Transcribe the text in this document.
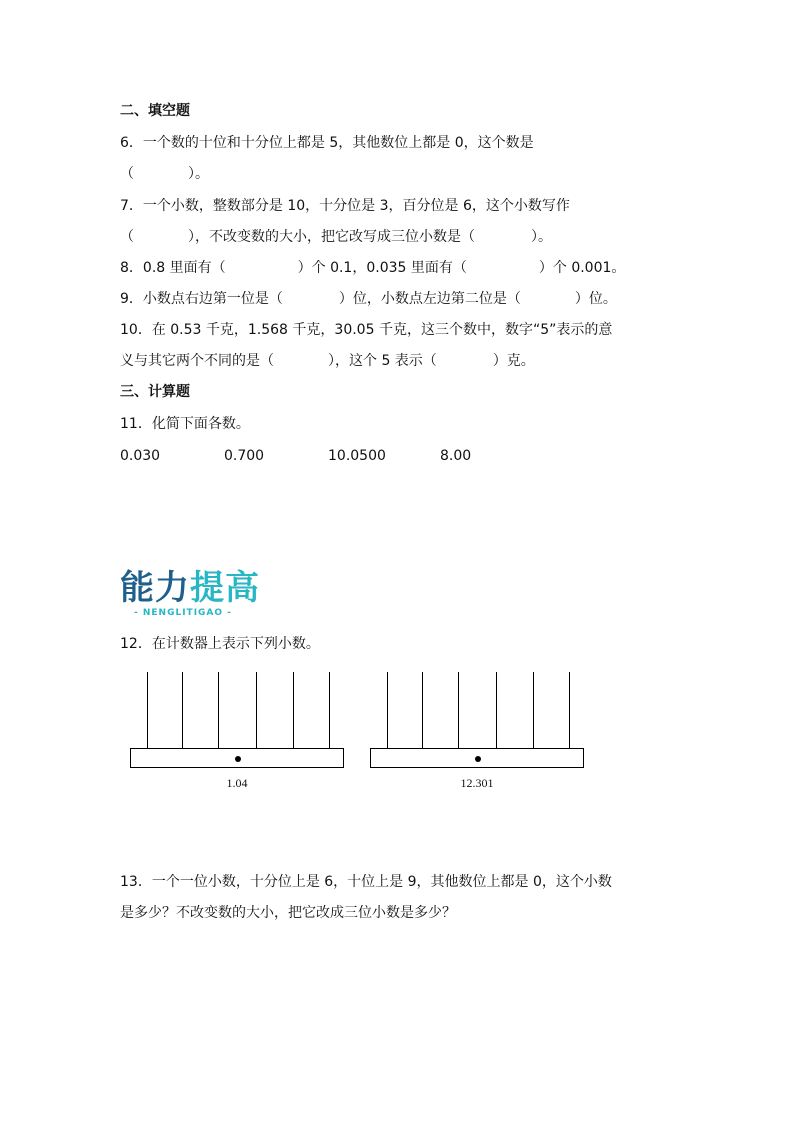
二、填空题
6．一个数的十位和十分位上都是 5，其他数位上都是 0，这个数是
（	）。
7．一个小数，整数部分是 10，十分位是 3，百分位是 6，这个小数写作
（	），不改变数的大小，把它改写成三位小数是（	）。
8．0.8 里面有（	）个 0.1，0.035 里面有（	）个 0.001。
9．小数点右边第一位是（	）位，小数点左边第二位是（	）位。
10．在 0.53 千克，1.568 千克，30.05 千克，这三个数中，数字“5”表示的意
义与其它两个不同的是（	），这个 5 表示（	）克。
三、计算题
11．化简下面各数。
0.030	0.700	10.0500	8.00
能力提高
- NENGLITIGAO -
12．在计数器上表示下列小数。
1.04	12.301
13．一个一位小数，十分位上是 6，十位上是 9，其他数位上都是 0，这个小数
是多少？不改变数的大小，把它改成三位小数是多少？
